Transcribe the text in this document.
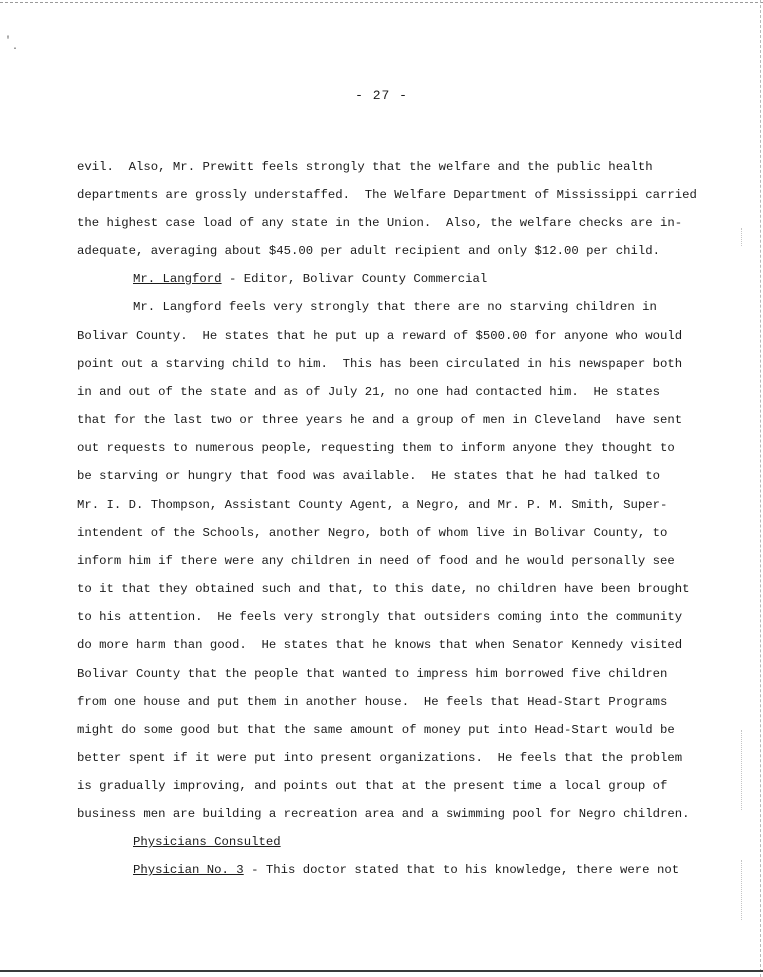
'
.
- 27 -
evil.  Also, Mr. Prewitt feels strongly that the welfare and the public health
departments are grossly understaffed.  The Welfare Department of Mississippi carried
the highest case load of any state in the Union.  Also, the welfare checks are in-
adequate, averaging about $45.00 per adult recipient and only $12.00 per child.
Mr. Langford - Editor, Bolivar County Commercial
Mr. Langford feels very strongly that there are no starving children in
Bolivar County.  He states that he put up a reward of $500.00 for anyone who would
point out a starving child to him.  This has been circulated in his newspaper both
in and out of the state and as of July 21, no one had contacted him.  He states
that for the last two or three years he and a group of men in Cleveland  have sent
out requests to numerous people, requesting them to inform anyone they thought to
be starving or hungry that food was available.  He states that he had talked to
Mr. I. D. Thompson, Assistant County Agent, a Negro, and Mr. P. M. Smith, Super-
intendent of the Schools, another Negro, both of whom live in Bolivar County, to
inform him if there were any children in need of food and he would personally see
to it that they obtained such and that, to this date, no children have been brought
to his attention.  He feels very strongly that outsiders coming into the community
do more harm than good.  He states that he knows that when Senator Kennedy visited
Bolivar County that the people that wanted to impress him borrowed five children
from one house and put them in another house.  He feels that Head-Start Programs
might do some good but that the same amount of money put into Head-Start would be
better spent if it were put into present organizations.  He feels that the problem
is gradually improving, and points out that at the present time a local group of
business men are building a recreation area and a swimming pool for Negro children.
Physicians Consulted
Physician No. 3 - This doctor stated that to his knowledge, there were not
